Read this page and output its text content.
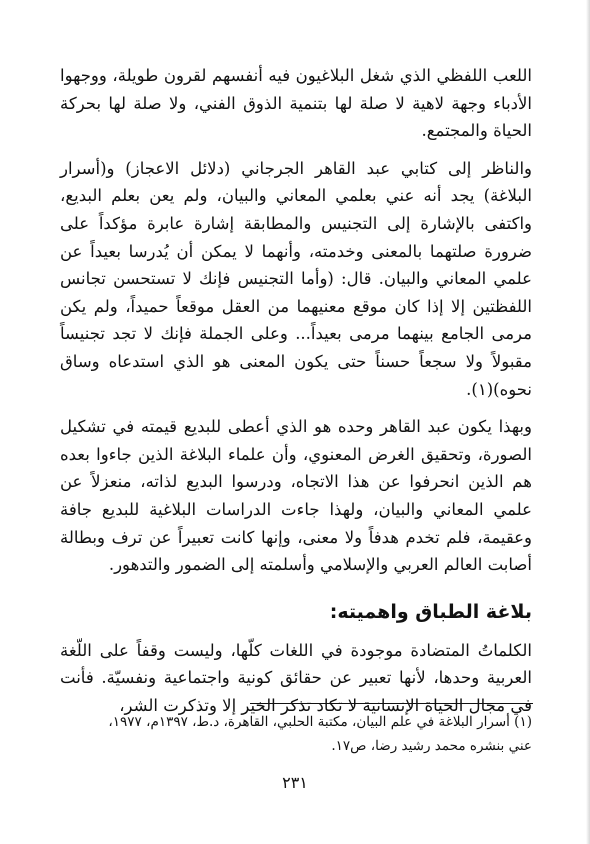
اللعب اللفظي الذي شغل البلاغيون فيه أنفسهم لقرون طويلة، ووجهوا الأدباء وجهة لاهية لا صلة لها بتنمية الذوق الفني، ولا صلة لها بحركة الحياة والمجتمع.

والناظر إلى كتابي عبد القاهر الجرجاني (دلائل الاعجاز) و(أسرار البلاغة) يجد أنه عني بعلمي المعاني والبيان، ولم يعن بعلم البديع، واكتفى بالإشارة إلى التجنيس والمطابقة إشارة عابرة مؤكداً على ضرورة صلتهما بالمعنى وخدمته، وأنهما لا يمكن أن يُدرسا بعيداً عن علمي المعاني والبيان. قال: (وأما التجنيس فإنك لا تستحسن تجانس اللفظتين إلا إذا كان موقع معنيهما من العقل موقعاً حميداً، ولم يكن مرمى الجامع بينهما مرمى بعيداً... وعلى الجملة فإنك لا تجد تجنيساً مقبولاً ولا سجعاً حسناً حتى يكون المعنى هو الذي استدعاه وساق نحوه)(١).

وبهذا يكون عبد القاهر وحده هو الذي أعطى للبديع قيمته في تشكيل الصورة، وتحقيق الغرض المعنوي، وأن علماء البلاغة الذين جاءوا بعده هم الذين انحرفوا عن هذا الاتجاه، ودرسوا البديع لذاته، منعزلاً عن علمي المعاني والبيان، ولهذا جاءت الدراسات البلاغية للبديع جافة وعقيمة، فلم تخدم هدفاً ولا معنى، وإنها كانت تعبيراً عن ترف وبطالة أصابت العالم العربي والإسلامي وأسلمته إلى الضمور والتدهور.

بلاغة الطباق واهميته:

الكلماتُ المتضادة موجودة في اللغات كلّها، وليست وقفاً على اللّغة العربية وحدها، لأنها تعبير عن حقائق كونية واجتماعية ونفسيّة. فأنت في مجال الحياة الإنسانية لا تكاد تذكر الخير إلا وتذكرت الشر،

(١) أسرار البلاغة في علم البيان، مكتبة الحلبي، القاهرة، د.ط، ١٣٩٧م، ١٩٧٧،
عني بنشره محمد رشيد رضا، ص١٧.
٢٣١
